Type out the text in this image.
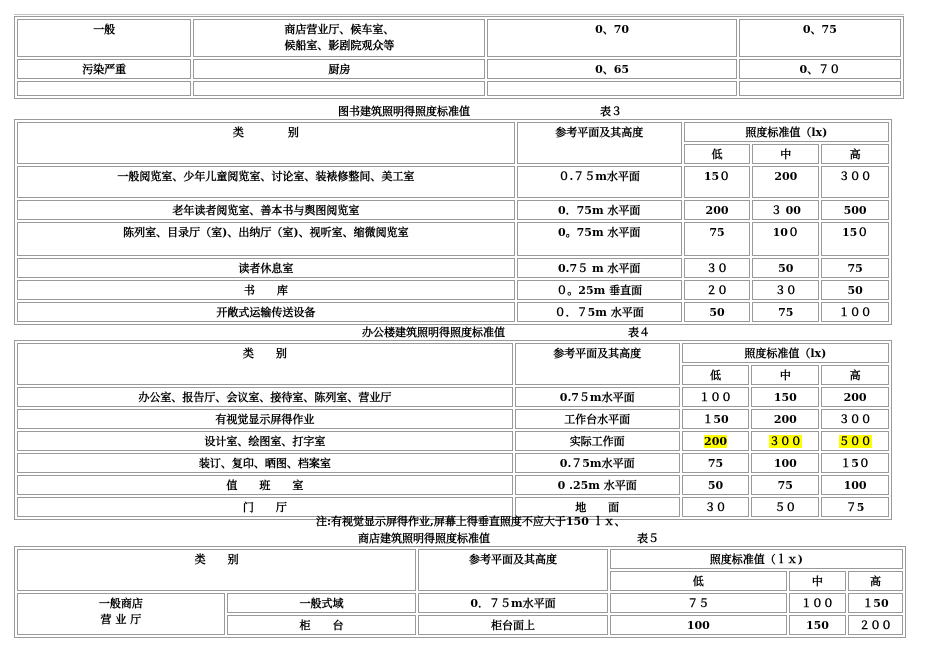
一般	商店营业厅、候车室、
候船室、影剧院观众等	0、70	0、75
污染严重	厨房	0、65	0、７０

图书建筑照明得照度标准值	表３
类　　　　别	参考平面及其高度	照度标准值（lx)		
		低	中	高
一般阅览室、少年儿童阅览室、讨论室、装裱修整间、美工室	０.７５m水平面	15０	200	３００
老年读者阅览室、善本书与舆图阅览室	0．75m 水平面	200	３ 00	500
陈列室、目录厅（室)、出纳厅（室)、视听室、缩微阅览室	0。75m 水平面	75	10０	15０
读者休息室	0.7５ m 水平面	３０	50	75
书　　库	０。25m 垂直面	２０	３０	50
开敞式运输传送设备	０．７5m 水平面	50	75	１００
办公楼建筑照明得照度标准值	表４
类　　别	参考平面及其高度	照度标准值（lx)		
		低	中	高
办公室、报告厅、会议室、接待室、陈列室、营业厅	0.7５m水平面	１００	150	200
有视觉显示屏得作业	工作台水平面	１50	200	３００
设计室、绘图室、打字室	实际工作面	200	３００	５００
装订、复印、晒图、档案室	0.７5m水平面	75	100	１5０
值　　班　　室	0 .25m 水平面	50	75	100
门　　厅	地　　面	３０	５０	７5
注:有视觉显示屏得作业,屏幕上得垂直照度不应大于150 ｌｘ、
商店建筑照明得照度标准值	表５
类　　别		参考平面及其高度	照度标准值（ｌｘ)		
			低	中	高

一般商店
营 业 厅	一般式域	0．７５m水平面	７５	１００	１50
	柜　　台	柜台面上	100	150	２００
